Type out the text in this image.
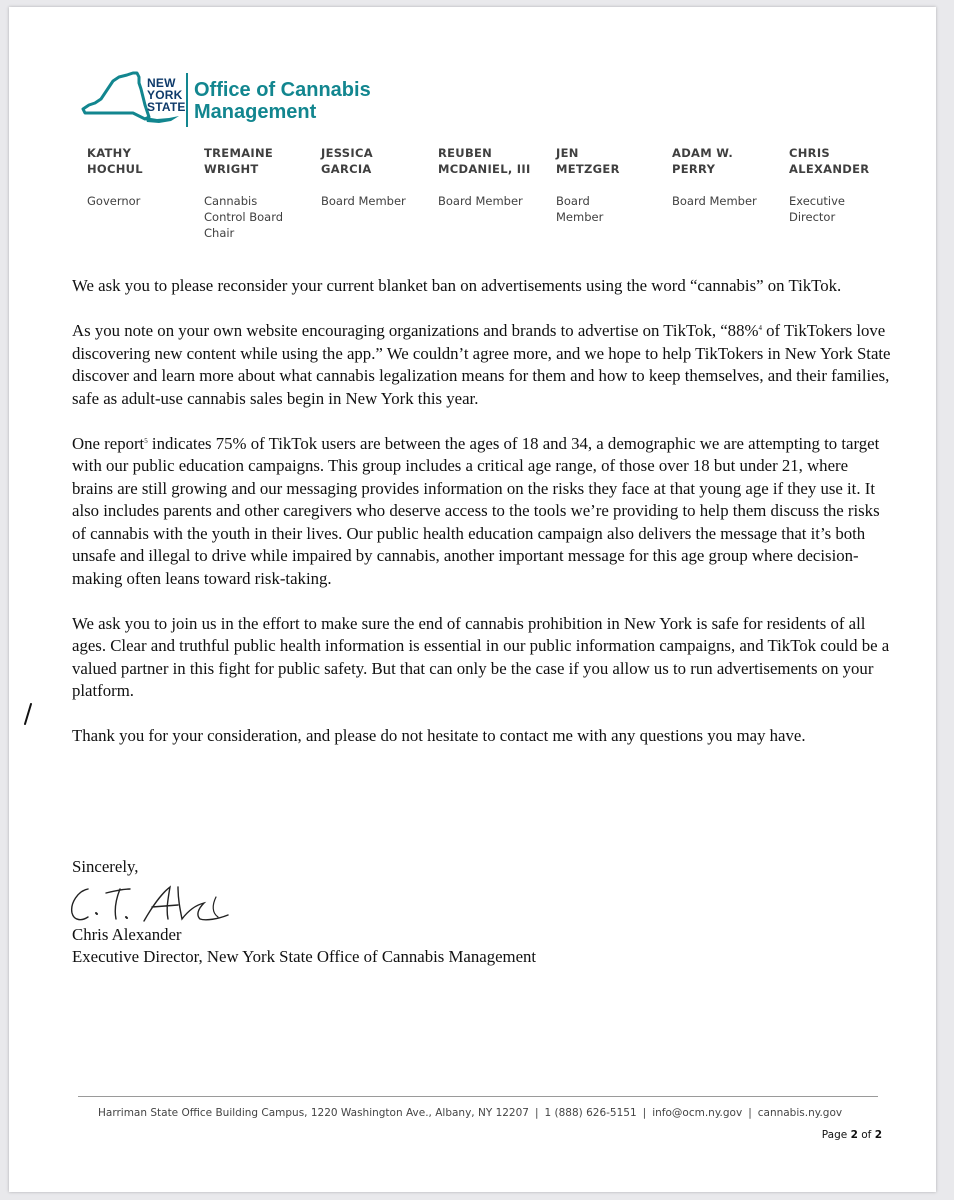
NEW
YORK
STATE
Office of Cannabis
Management
KATHY
HOCHUL
Governor
TREMAINE
WRIGHT
Cannabis
Control Board
Chair
JESSICA
GARCIA
Board Member
REUBEN
MCDANIEL, III
Board Member
JEN
METZGER
Board
Member
ADAM W.
PERRY
Board Member
CHRIS
ALEXANDER
Executive
Director

We ask you to please reconsider your current blanket ban on advertisements using the word “cannabis” on TikTok.

As you note on your own website encouraging organizations and brands to advertise on TikTok, “88%$^4$ of TikTokers love discovering new content while using the app.” We couldn’t agree more, and we hope to help TikTokers in New York State discover and learn more about what cannabis legalization means for them and how to keep themselves, and their families, safe as adult-use cannabis sales begin in New York this year.

One report$^5$ indicates 75% of TikTok users are between the ages of 18 and 34, a demographic we are attempting to target with our public education campaigns. This group includes a critical age range, of those over 18 but under 21, where brains are still growing and our messaging provides information on the risks they face at that young age if they use it. It also includes parents and other caregivers who deserve access to the tools we’re providing to help them discuss the risks of cannabis with the youth in their lives. Our public health education campaign also delivers the message that it’s both unsafe and illegal to drive while impaired by cannabis, another important message for this age group where decision-making often leans toward risk-taking.

We ask you to join us in the effort to make sure the end of cannabis prohibition in New York is safe for residents of all ages. Clear and truthful public health information is essential in our public information campaigns, and TikTok could be a valued partner in this fight for public safety. But that can only be the case if you allow us to run advertisements on your platform.

Thank you for your consideration, and please do not hesitate to contact me with any questions you may have.

Sincerely,
Chris Alexander
Executive Director, New York State Office of Cannabis Management
Harriman State Office Building Campus, 1220 Washington Ave., Albany, NY 12207 | 1 (888) 626-5151 | info@ocm.ny.gov | cannabis.ny.gov
Page 2 of 2
